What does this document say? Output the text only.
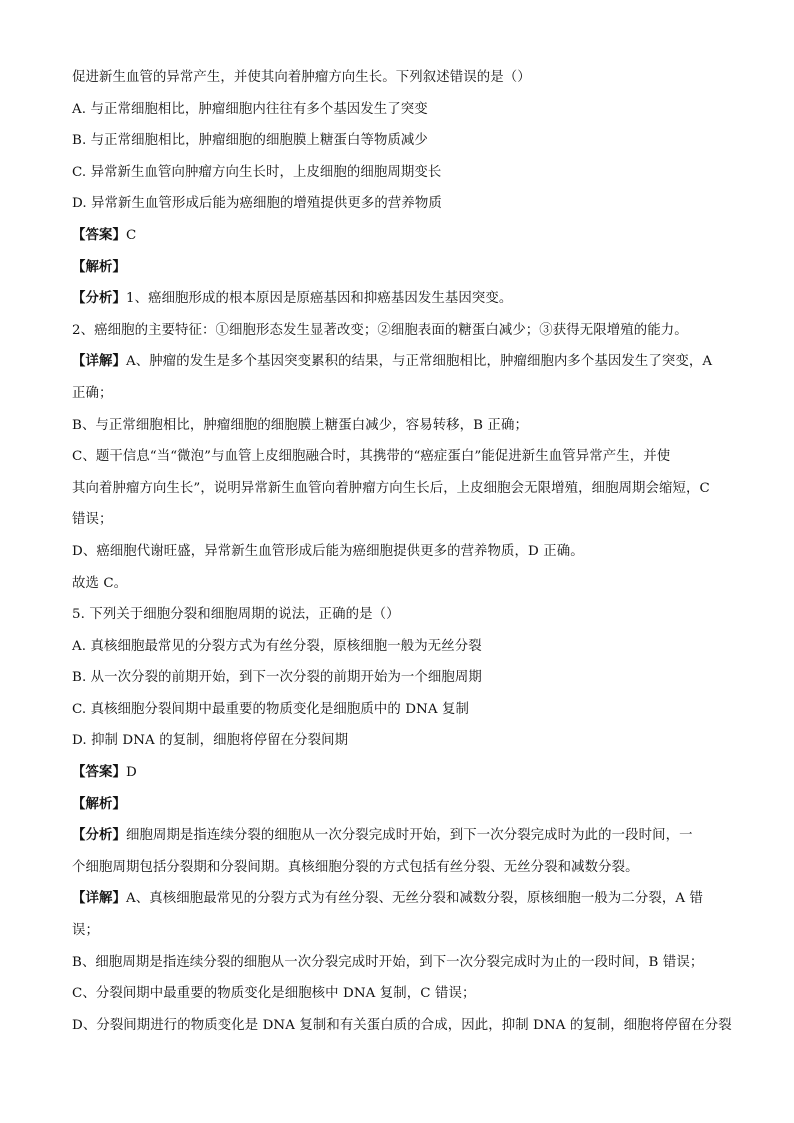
促进新生血管的异常产生，并使其向着肿瘤方向生长。下列叙述错误的是（）
A. 与正常细胞相比，肿瘤细胞内往往有多个基因发生了突变
B. 与正常细胞相比，肿瘤细胞的细胞膜上糖蛋白等物质减少
C. 异常新生血管向肿瘤方向生长时，上皮细胞的细胞周期变长
D. 异常新生血管形成后能为癌细胞的增殖提供更多的营养物质
【答案】C
【解析】
【分析】1、癌细胞形成的根本原因是原癌基因和抑癌基因发生基因突变。
2、癌细胞的主要特征：①细胞形态发生显著改变；②细胞表面的糖蛋白减少；③获得无限增殖的能力。
【详解】A、肿瘤的发生是多个基因突变累积的结果，与正常细胞相比，肿瘤细胞内多个基因发生了突变，A
正确；
B、与正常细胞相比，肿瘤细胞的细胞膜上糖蛋白减少，容易转移，B 正确；
C、题干信息“当“微泡”与血管上皮细胞融合时，其携带的“癌症蛋白”能促进新生血管异常产生，并使
其向着肿瘤方向生长”，说明异常新生血管向着肿瘤方向生长后，上皮细胞会无限增殖，细胞周期会缩短，C
错误；
D、癌细胞代谢旺盛，异常新生血管形成后能为癌细胞提供更多的营养物质，D 正确。
故选 C。
5. 下列关于细胞分裂和细胞周期的说法，正确的是（）
A. 真核细胞最常见的分裂方式为有丝分裂，原核细胞一般为无丝分裂
B. 从一次分裂的前期开始，到下一次分裂的前期开始为一个细胞周期
C. 真核细胞分裂间期中最重要的物质变化是细胞质中的 DNA 复制
D. 抑制 DNA 的复制，细胞将停留在分裂间期
【答案】D
【解析】
【分析】细胞周期是指连续分裂的细胞从一次分裂完成时开始，到下一次分裂完成时为此的一段时间，一
个细胞周期包括分裂期和分裂间期。真核细胞分裂的方式包括有丝分裂、无丝分裂和减数分裂。
【详解】A、真核细胞最常见的分裂方式为有丝分裂、无丝分裂和减数分裂，原核细胞一般为二分裂，A 错
误；
B、细胞周期是指连续分裂的细胞从一次分裂完成时开始，到下一次分裂完成时为止的一段时间，B 错误；
C、分裂间期中最重要的物质变化是细胞核中 DNA 复制，C 错误；
D、分裂间期进行的物质变化是 DNA 复制和有关蛋白质的合成，因此，抑制 DNA 的复制，细胞将停留在分裂
